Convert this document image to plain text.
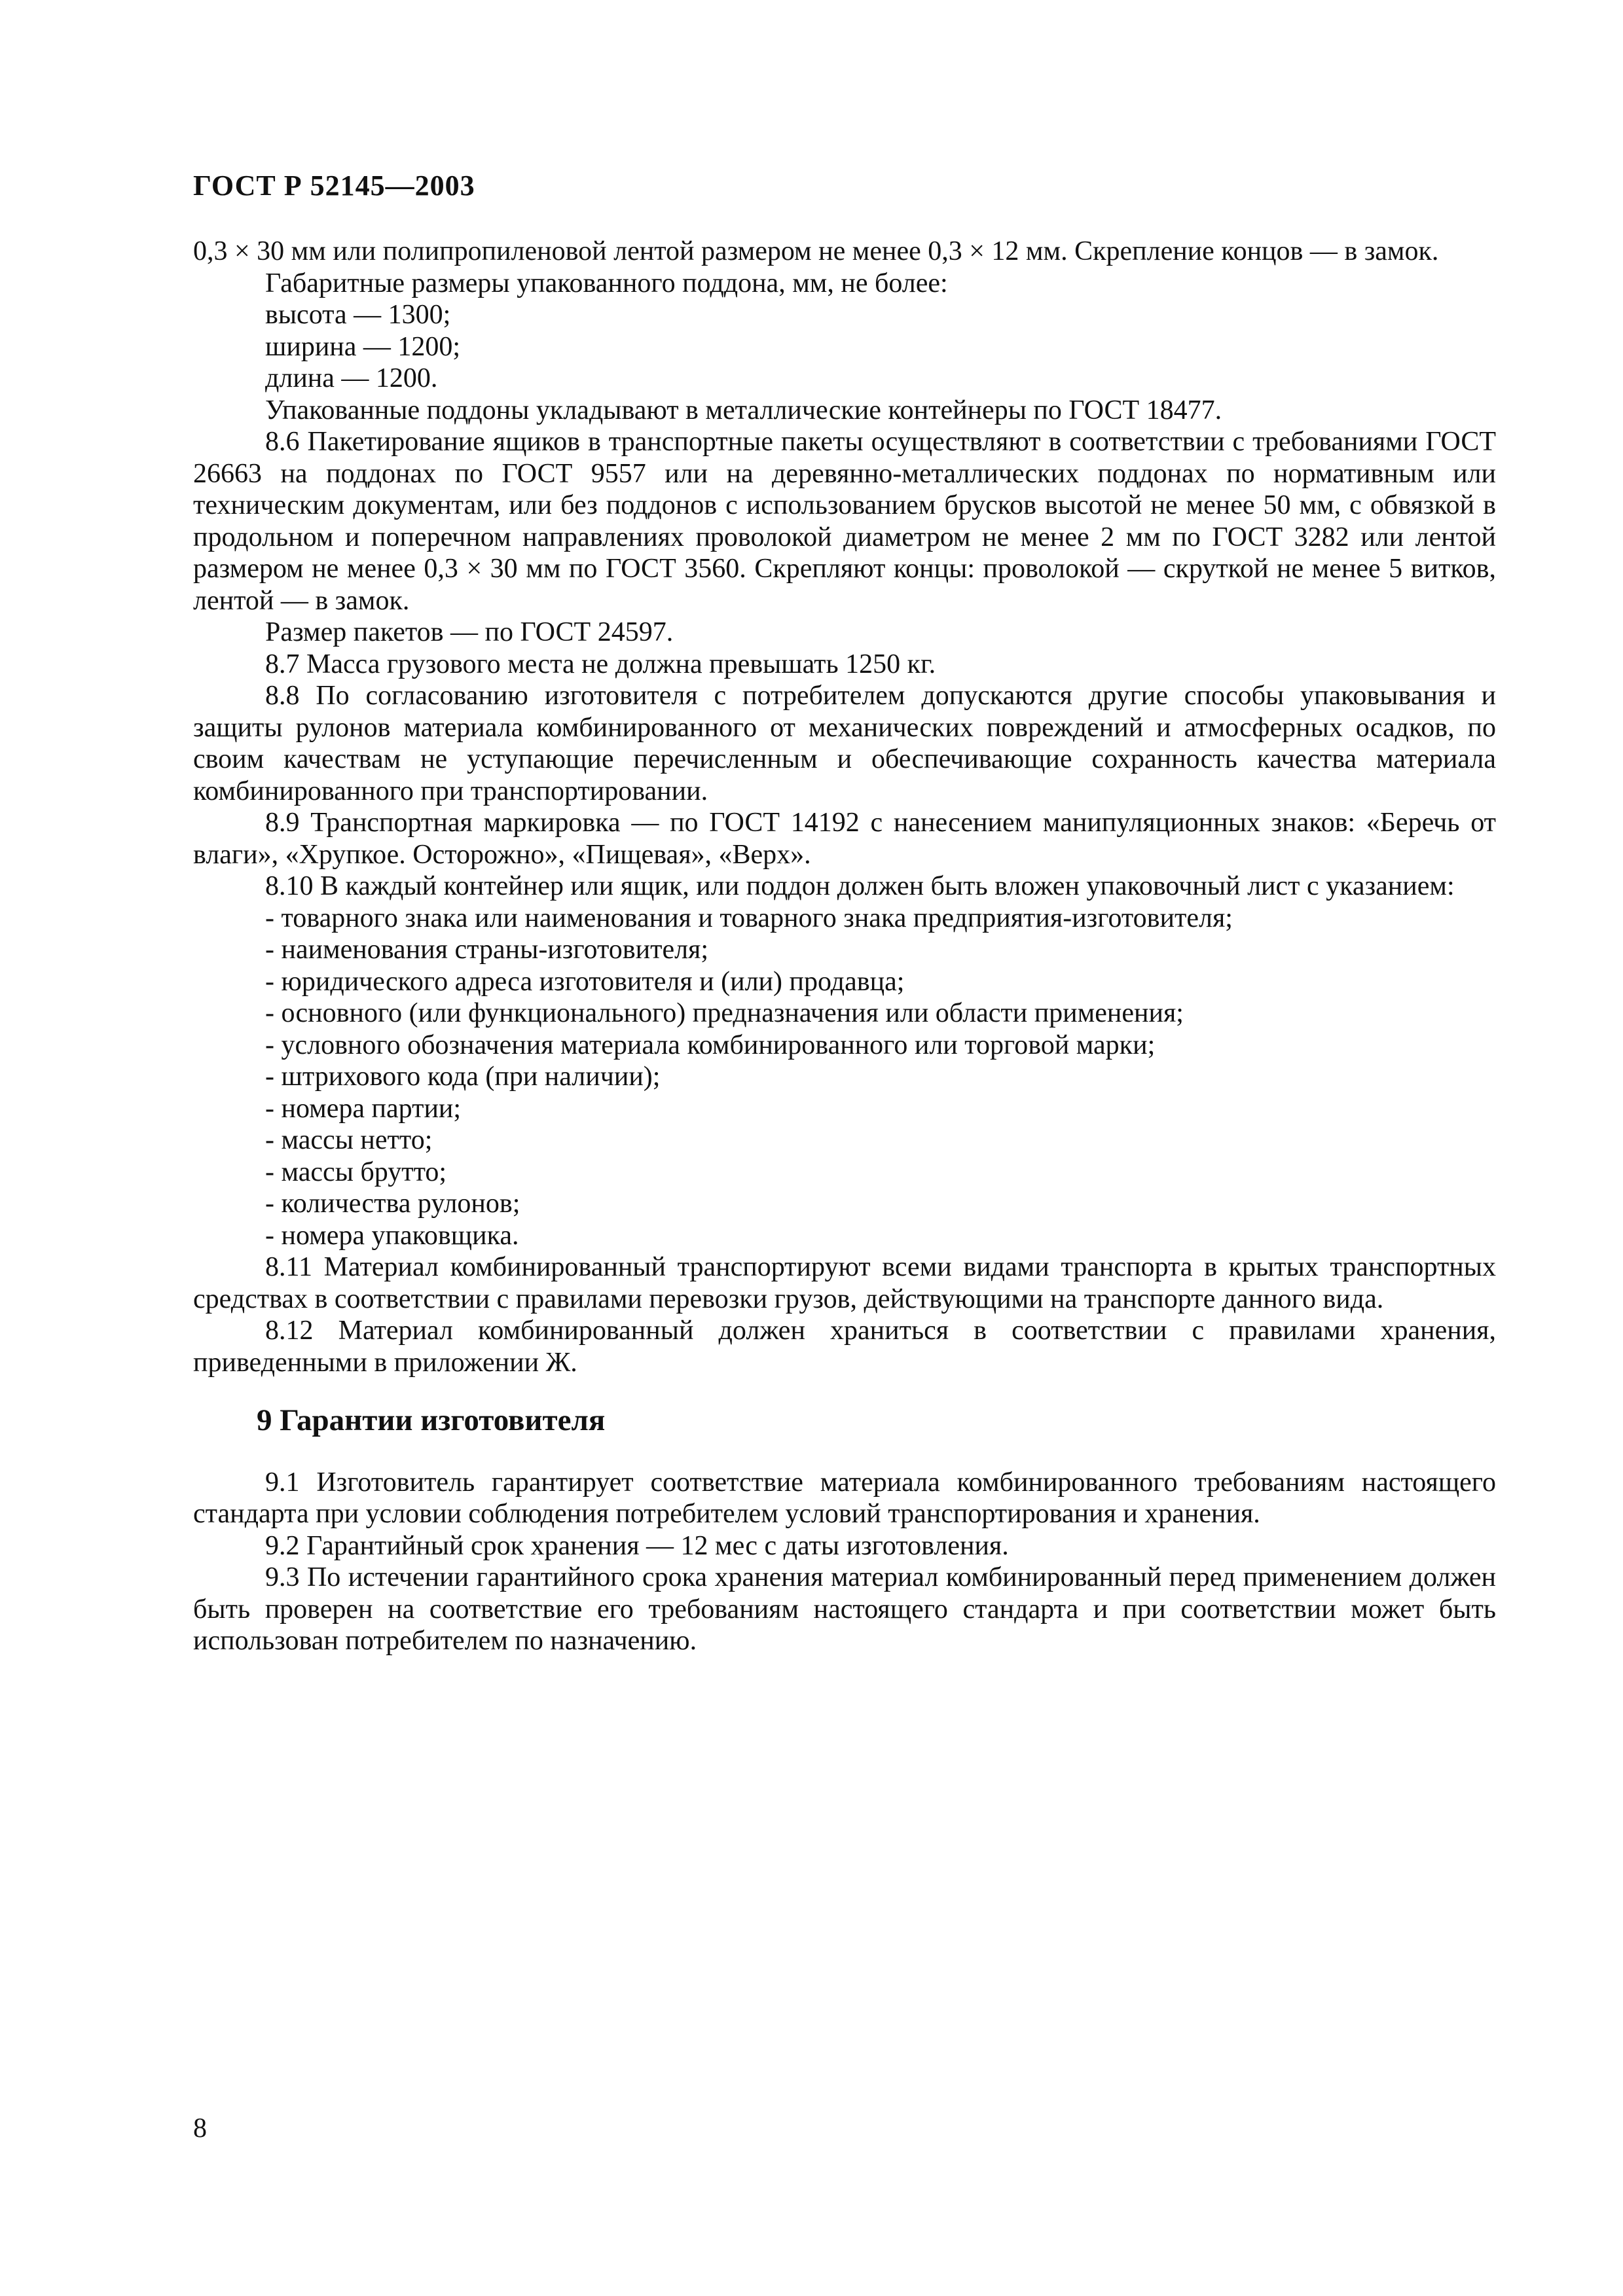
ГОСТ Р 52145—2003

0,3 × 30 мм или полипропиленовой лентой размером не менее 0,3 × 12 мм. Скрепление концов — в замок.

Габаритные размеры упакованного поддона, мм, не более:

высота — 1300;

ширина — 1200;

длина — 1200.

Упакованные поддоны укладывают в металлические контейнеры по ГОСТ 18477.

8.6 Пакетирование ящиков в транспортные пакеты осуществляют в соответствии с требованиями ГОСТ 26663 на поддонах по ГОСТ 9557 или на деревянно-металлических поддонах по нормативным или техническим документам, или без поддонов с использованием брусков высотой не менее 50 мм, с обвязкой в продольном и поперечном направлениях проволокой диаметром не менее 2 мм по ГОСТ 3282 или лентой размером не менее 0,3 × 30 мм по ГОСТ 3560. Скрепляют концы: проволокой — скруткой не менее 5 витков, лентой — в замок.

Размер пакетов — по ГОСТ 24597.

8.7 Масса грузового места не должна превышать 1250 кг.

8.8 По согласованию изготовителя с потребителем допускаются другие способы упаковывания и защиты рулонов материала комбинированного от механических повреждений и атмосферных осадков, по своим качествам не уступающие перечисленным и обеспечивающие сохранность качества материала комбинированного при транспортировании.

8.9 Транспортная маркировка — по ГОСТ 14192 с нанесением манипуляционных знаков: «Беречь от влаги», «Хрупкое. Осторожно», «Пищевая», «Верх».

8.10 В каждый контейнер или ящик, или поддон должен быть вложен упаковочный лист с указанием:

- товарного знака или наименования и товарного знака предприятия-изготовителя;
- наименования страны-изготовителя;
- юридического адреса изготовителя и (или) продавца;
- основного (или функционального) предназначения или области применения;
- условного обозначения материала комбинированного или торговой марки;
- штрихового кода (при наличии);
- номера партии;
- массы нетто;
- массы брутто;
- количества рулонов;
- номера упаковщика.

8.11 Материал комбинированный транспортируют всеми видами транспорта в крытых транспортных средствах в соответствии с правилами перевозки грузов, действующими на транспорте данного вида.

8.12 Материал комбинированный должен храниться в соответствии с правилами хранения, приведенными в приложении Ж.

9 Гарантии изготовителя

9.1 Изготовитель гарантирует соответствие материала комбинированного требованиям настоящего стандарта при условии соблюдения потребителем условий транспортирования и хранения.

9.2 Гарантийный срок хранения — 12 мес с даты изготовления.

9.3 По истечении гарантийного срока хранения материал комбинированный перед применением должен быть проверен на соответствие его требованиям настоящего стандарта и при соответствии может быть использован потребителем по назначению.

8
